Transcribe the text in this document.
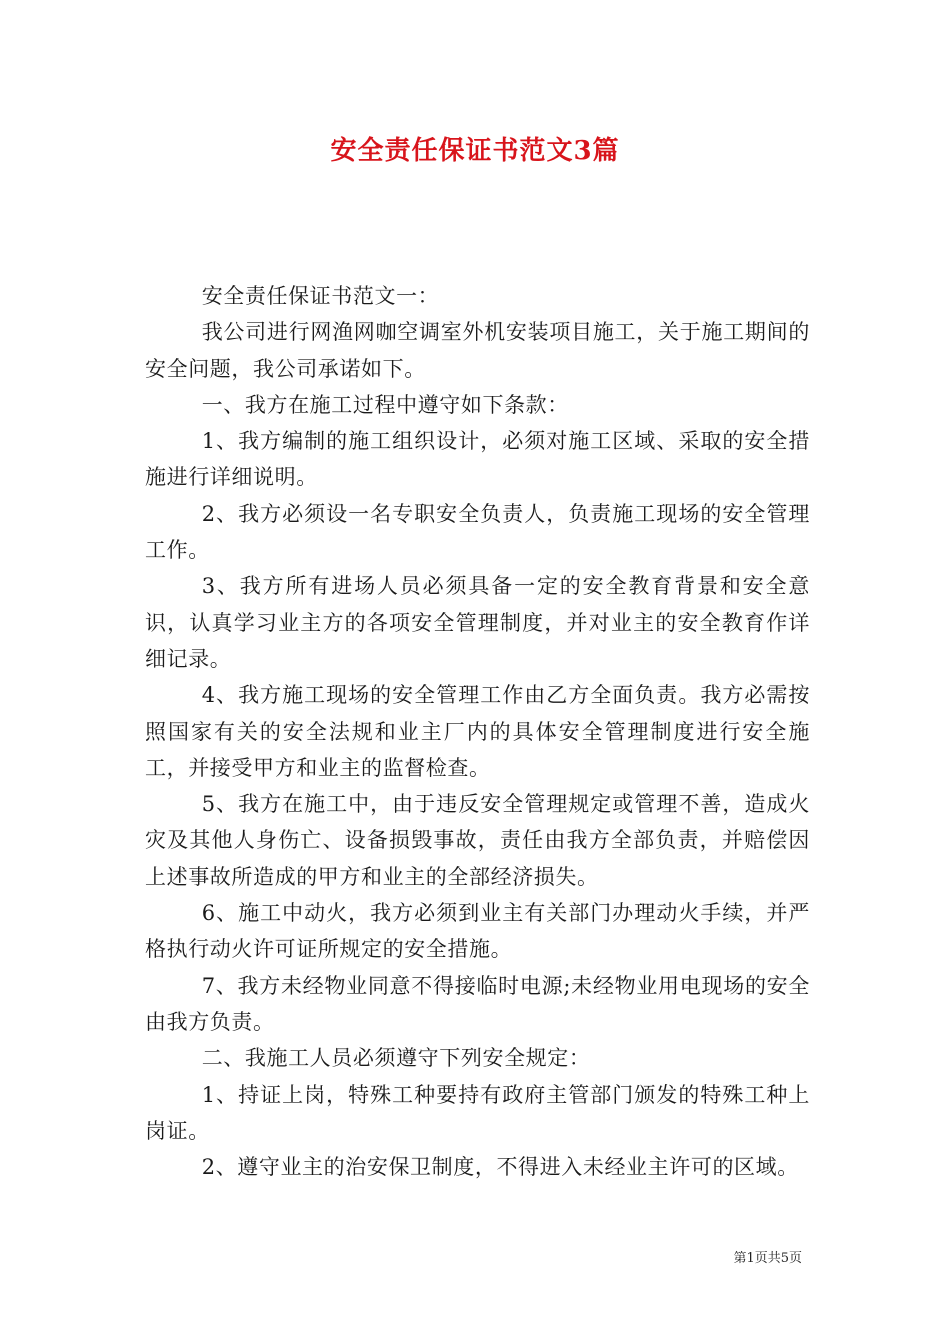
安全责任保证书范文3篇

安全责任保证书范文一：

我公司进行网渔网咖空调室外机安装项目施工，关于施工期间的安全问题，我公司承诺如下。

一、我方在施工过程中遵守如下条款：

1、我方编制的施工组织设计，必须对施工区域、采取的安全措施进行详细说明。

2、我方必须设一名专职安全负责人，负责施工现场的安全管理工作。

3、我方所有进场人员必须具备一定的安全教育背景和安全意识，认真学习业主方的各项安全管理制度，并对业主的安全教育作详细记录。

4、我方施工现场的安全管理工作由乙方全面负责。我方必需按照国家有关的安全法规和业主厂内的具体安全管理制度进行安全施工，并接受甲方和业主的监督检查。

5、我方在施工中，由于违反安全管理规定或管理不善，造成火灾及其他人身伤亡、设备损毁事故，责任由我方全部负责，并赔偿因上述事故所造成的甲方和业主的全部经济损失。

6、施工中动火，我方必须到业主有关部门办理动火手续，并严格执行动火许可证所规定的安全措施。

7、我方未经物业同意不得接临时电源;未经物业用电现场的安全由我方负责。

二、我施工人员必须遵守下列安全规定：

1、持证上岗，特殊工种要持有政府主管部门颁发的特殊工种上岗证。

2、遵守业主的治安保卫制度，不得进入未经业主许可的区域。

第1页共5页
